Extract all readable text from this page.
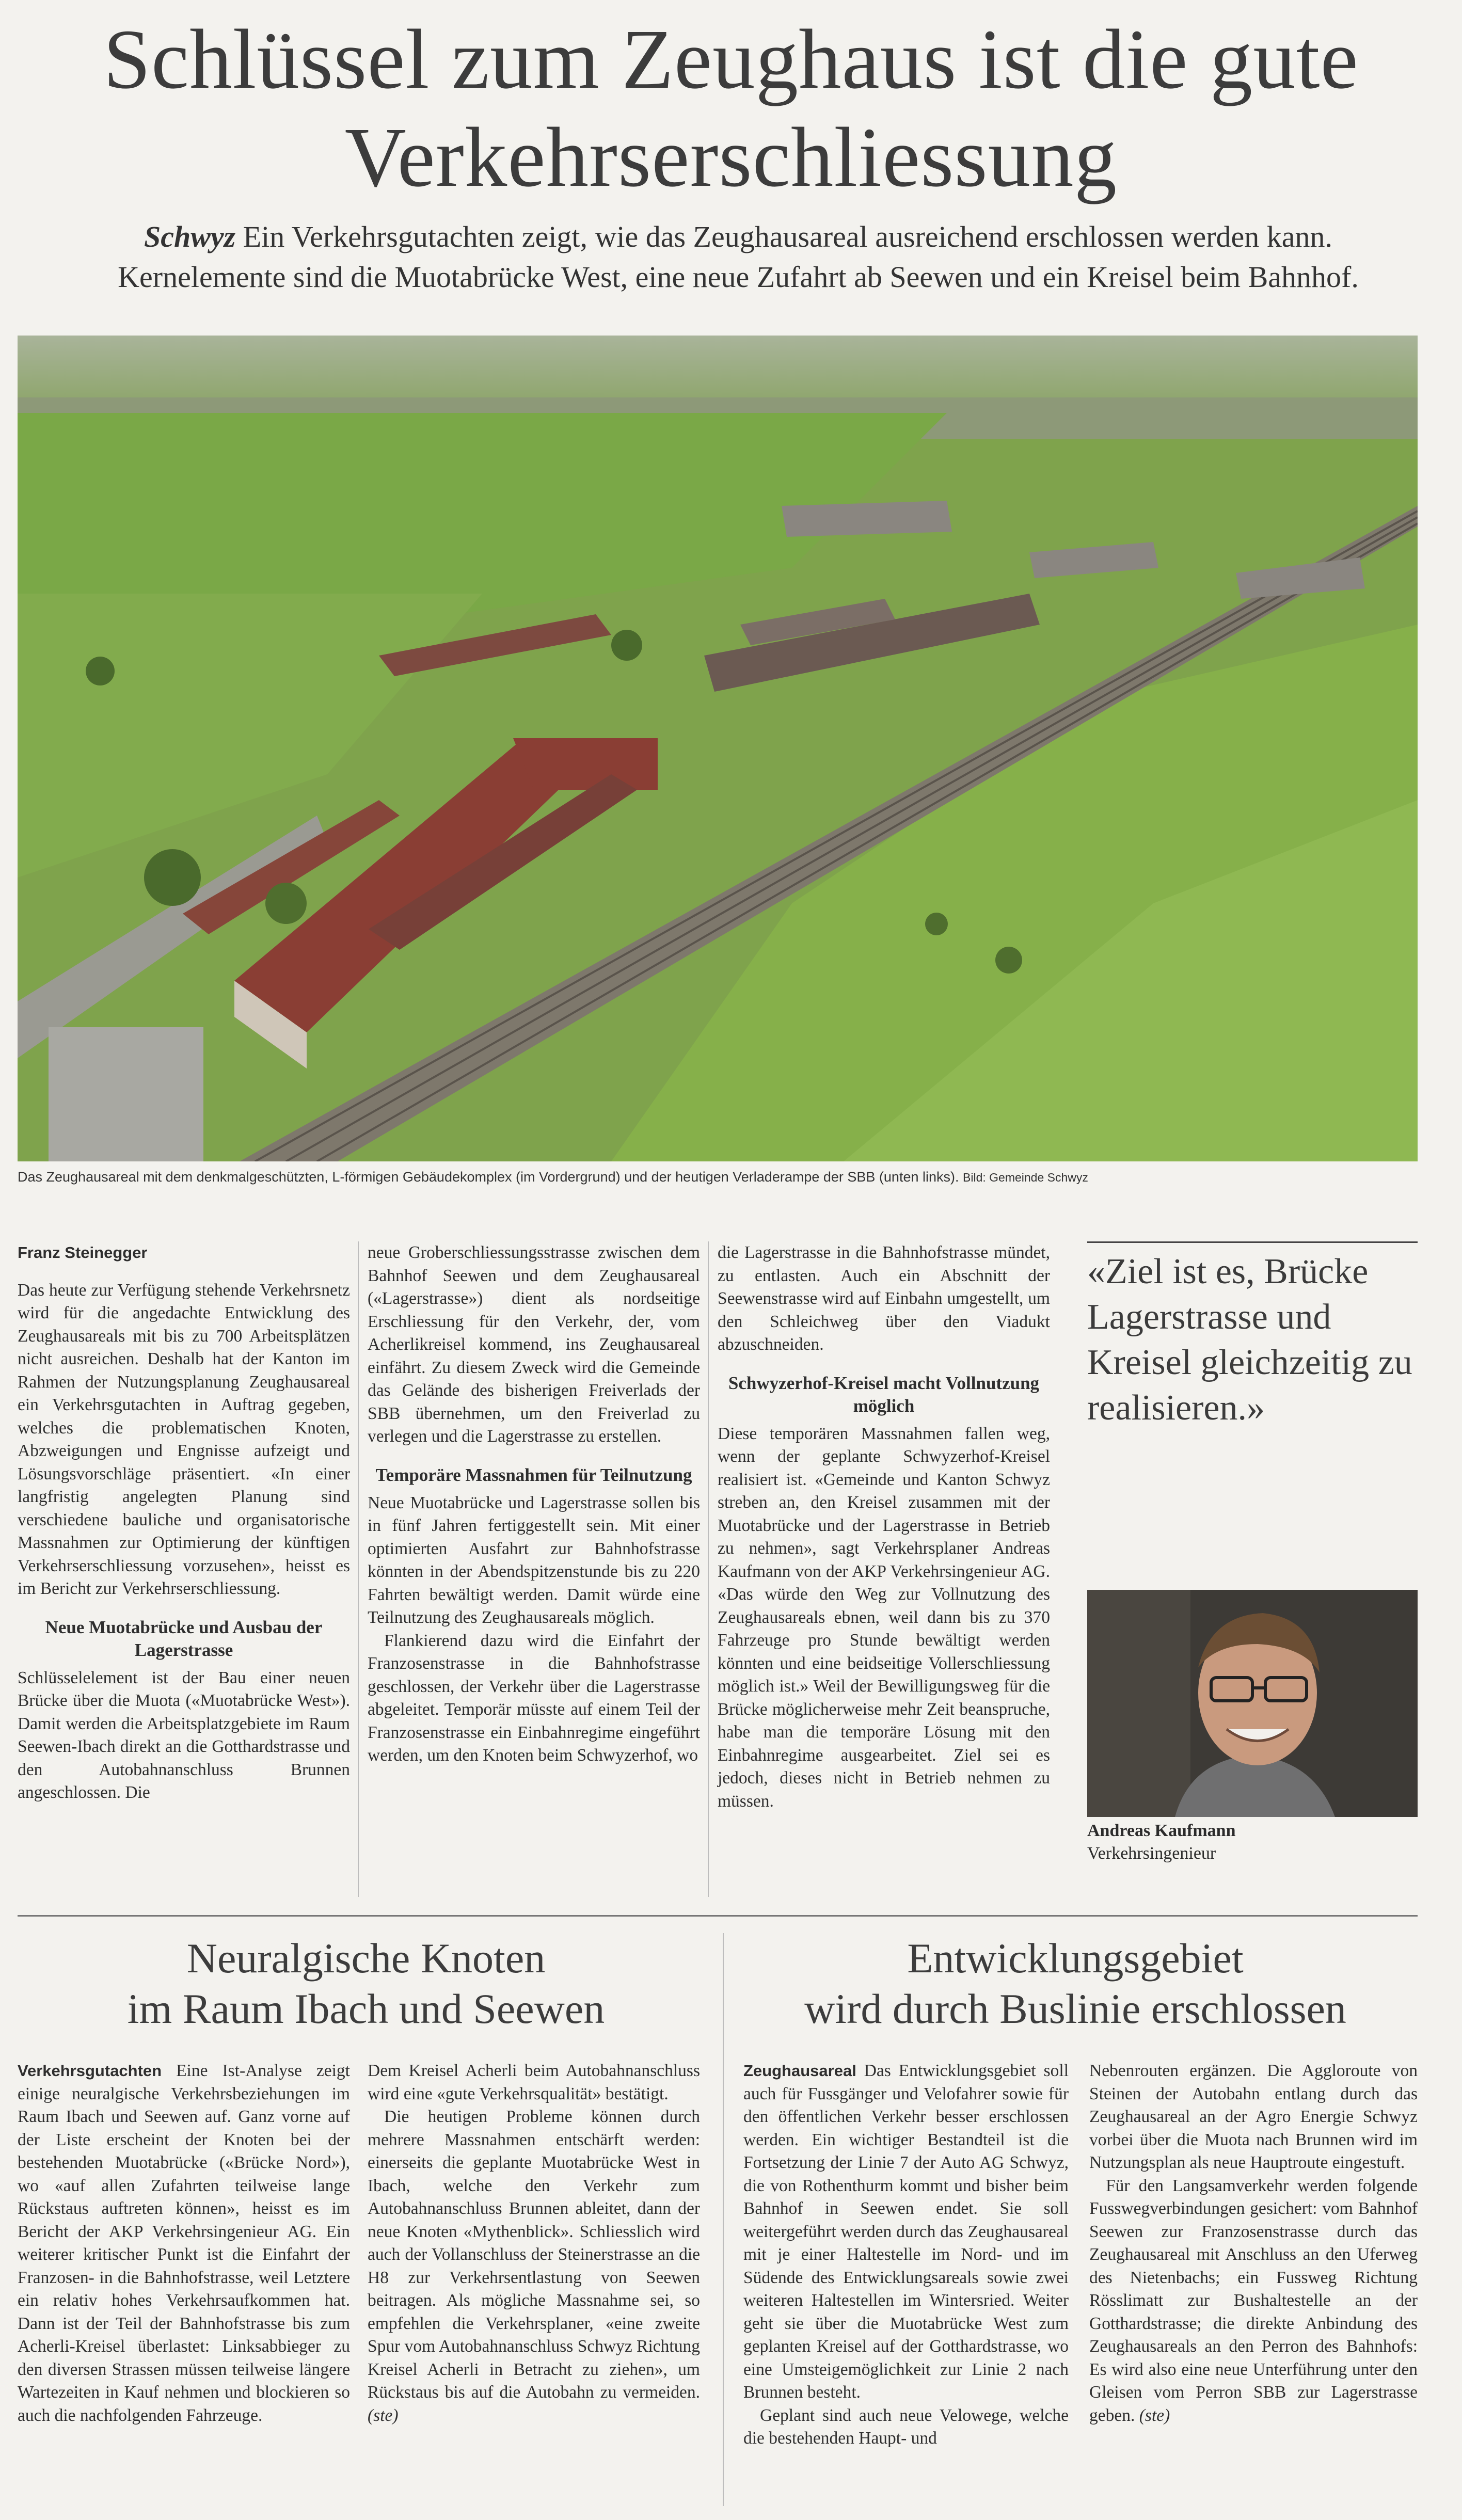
Schlüssel zum Zeughaus ist die gute Verkehrserschliessung

Schwyz Ein Verkehrsgutachten zeigt, wie das Zeughausareal ausreichend erschlossen werden kann. Kernelemente sind die Muotabrücke West, eine neue Zufahrt ab Seewen und ein Kreisel beim Bahnhof.

Das Zeughausareal mit dem denkmalgeschützten, L-förmigen Gebäudekomplex (im Vordergrund) und der heutigen Verladerampe der SBB (unten links). Bild: Gemeinde Schwyz

Franz Steinegger

Das heute zur Verfügung stehende Verkehrsnetz wird für die angedachte Entwicklung des Zeughausareals mit bis zu 700 Arbeitsplätzen nicht ausreichen. Deshalb hat der Kanton im Rahmen der Nutzungsplanung Zeughausareal ein Verkehrsgutachten in Auftrag gegeben, welches die problematischen Knoten, Abzweigungen und Engnisse aufzeigt und Lösungsvorschläge präsentiert. «In einer langfristig angelegten Planung sind verschiedene bauliche und organisatorische Massnahmen zur Optimierung der künftigen Verkehrserschliessung vorzusehen», heisst es im Bericht zur Verkehrserschliessung.

Neue Muotabrücke und Ausbau der Lagerstrasse

Schlüsselelement ist der Bau einer neuen Brücke über die Muota («Muotabrücke West»). Damit werden die Arbeitsplatzgebiete im Raum Seewen-Ibach direkt an die Gotthardstrasse und den Autobahnanschluss Brunnen angeschlossen. Die

neue Groberschliessungsstrasse zwischen dem Bahnhof Seewen und dem Zeughausareal («Lagerstrasse») dient als nordseitige Erschliessung für den Verkehr, der, vom Acherlikreisel kommend, ins Zeughausareal einfährt. Zu diesem Zweck wird die Gemeinde das Gelände des bisherigen Freiverlads der SBB übernehmen, um den Freiverlad zu verlegen und die Lagerstrasse zu erstellen.

Temporäre Massnahmen für Teilnutzung

Neue Muotabrücke und Lagerstrasse sollen bis in fünf Jahren fertiggestellt sein. Mit einer optimierten Ausfahrt zur Bahnhofstrasse könnten in der Abendspitzenstunde bis zu 220 Fahrten bewältigt werden. Damit würde eine Teilnutzung des Zeughausareals möglich.

Flankierend dazu wird die Einfahrt der Franzosenstrasse in die Bahnhofstrasse geschlossen, der Verkehr über die Lagerstrasse abgeleitet. Temporär müsste auf einem Teil der Franzosenstrasse ein Einbahnregime eingeführt werden, um den Knoten beim Schwyzerhof, wo

die Lagerstrasse in die Bahnhofstrasse mündet, zu entlasten. Auch ein Abschnitt der Seewenstrasse wird auf Einbahn umgestellt, um den Schleichweg über den Viadukt abzuschneiden.

Schwyzerhof-Kreisel macht Vollnutzung möglich

Diese temporären Massnahmen fallen weg, wenn der geplante Schwyzerhof-Kreisel realisiert ist. «Gemeinde und Kanton Schwyz streben an, den Kreisel zusammen mit der Muotabrücke und der Lagerstrasse in Betrieb zu nehmen», sagt Verkehrsplaner Andreas Kaufmann von der AKP Verkehrsingenieur AG. «Das würde den Weg zur Vollnutzung des Zeughausareals ebnen, weil dann bis zu 370 Fahrzeuge pro Stunde bewältigt werden könnten und eine beidseitige Vollerschliessung möglich ist.» Weil der Bewilligungsweg für die Brücke möglicherweise mehr Zeit beanspruche, habe man die temporäre Lösung mit den Einbahnregime ausgearbeitet. Ziel sei es jedoch, dieses nicht in Betrieb nehmen zu müssen.

«Ziel ist es, Brücke Lagerstrasse und Kreisel gleichzeitig zu realisieren.»

Andreas Kaufmann
Verkehrsingenieur
Neuralgische Knoten
im Raum Ibach und Seewen

Verkehrsgutachten Eine Ist-Analyse zeigt einige neuralgische Verkehrsbeziehungen im Raum Ibach und Seewen auf. Ganz vorne auf der Liste erscheint der Knoten bei der bestehenden Muotabrücke («Brücke Nord»), wo «auf allen Zufahrten teilweise lange Rückstaus auftreten können», heisst es im Bericht der AKP Verkehrsingenieur AG. Ein weiterer kritischer Punkt ist die Einfahrt der Franzosen- in die Bahnhofstrasse, weil Letztere ein relativ hohes Verkehrsaufkommen hat. Dann ist der Teil der Bahnhofstrasse bis zum Acherli-Kreisel überlastet: Linksabbieger zu den diversen Strassen müssen teilweise längere Wartezeiten in Kauf nehmen und blockieren so auch die nachfolgenden Fahrzeuge.

Dem Kreisel Acherli beim Autobahnanschluss wird eine «gute Verkehrsqualität» bestätigt.

Die heutigen Probleme können durch mehrere Massnahmen entschärft werden: einerseits die geplante Muotabrücke West in Ibach, welche den Verkehr zum Autobahnanschluss Brunnen ableitet, dann der neue Knoten «Mythenblick». Schliesslich wird auch der Vollanschluss der Steinerstrasse an die H8 zur Verkehrsentlastung von Seewen beitragen. Als mögliche Massnahme sei, so empfehlen die Verkehrsplaner, «eine zweite Spur vom Autobahnanschluss Schwyz Richtung Kreisel Acherli in Betracht zu ziehen», um Rückstaus bis auf die Autobahn zu vermeiden. (ste)

Entwicklungsgebiet
wird durch Buslinie erschlossen

Zeughausareal Das Entwicklungsgebiet soll auch für Fussgänger und Velofahrer sowie für den öffentlichen Verkehr besser erschlossen werden. Ein wichtiger Bestandteil ist die Fortsetzung der Linie 7 der Auto AG Schwyz, die von Rothenthurm kommt und bisher beim Bahnhof in Seewen endet. Sie soll weitergeführt werden durch das Zeughausareal mit je einer Haltestelle im Nord- und im Südende des Entwicklungsareals sowie zwei weiteren Haltestellen im Wintersried. Weiter geht sie über die Muotabrücke West zum geplanten Kreisel auf der Gotthardstrasse, wo eine Umsteigemöglichkeit zur Linie 2 nach Brunnen besteht.

Geplant sind auch neue Velowege, welche die bestehenden Haupt- und

Nebenrouten ergänzen. Die Aggloroute von Steinen der Autobahn entlang durch das Zeughausareal an der Agro Energie Schwyz vorbei über die Muota nach Brunnen wird im Nutzungsplan als neue Hauptroute eingestuft.

Für den Langsamverkehr werden folgende Fusswegverbindungen gesichert: vom Bahnhof Seewen zur Franzosenstrasse durch das Zeughausareal mit Anschluss an den Uferweg des Nietenbachs; ein Fussweg Richtung Rösslimatt zur Bushaltestelle an der Gotthardstrasse; die direkte Anbindung des Zeughausareals an den Perron des Bahnhofs: Es wird also eine neue Unterführung unter den Gleisen vom Perron SBB zur Lagerstrasse geben. (ste)
